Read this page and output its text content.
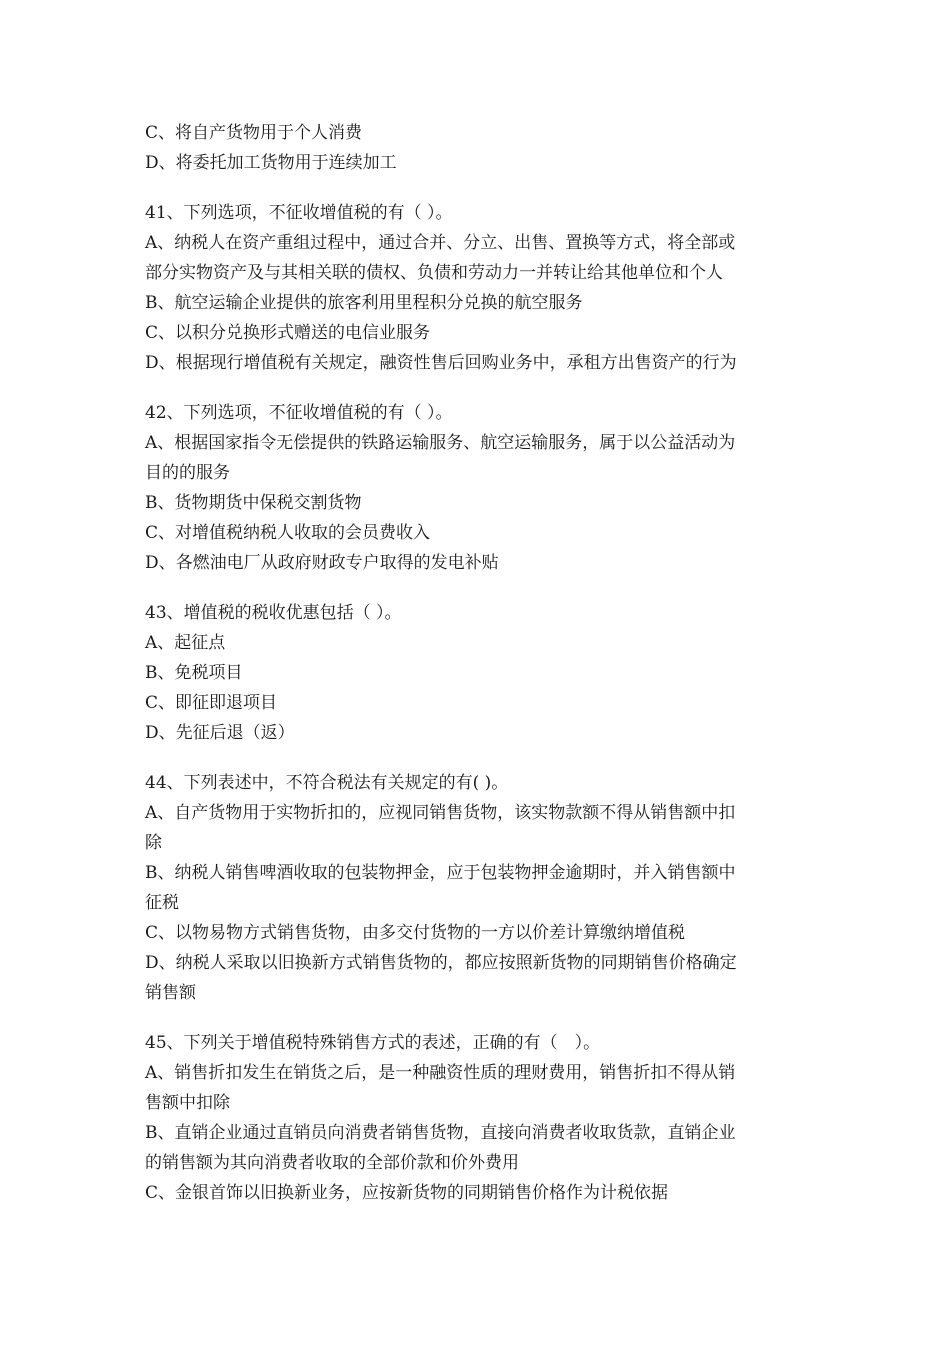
C、将自产货物用于个人消费

D、将委托加工货物用于连续加工

41、下列选项，不征收增值税的有（ ）。

A、纳税人在资产重组过程中，通过合并、分立、出售、置换等方式，将全部或

部分实物资产及与其相关联的债权、负债和劳动力一并转让给其他单位和个人

B、航空运输企业提供的旅客利用里程积分兑换的航空服务

C、以积分兑换形式赠送的电信业服务

D、根据现行增值税有关规定，融资性售后回购业务中，承租方出售资产的行为

42、下列选项，不征收增值税的有（ ）。

A、根据国家指令无偿提供的铁路运输服务、航空运输服务，属于以公益活动为

目的的服务

B、货物期货中保税交割货物

C、对增值税纳税人收取的会员费收入

D、各燃油电厂从政府财政专户取得的发电补贴

43、增值税的税收优惠包括（ ）。

A、起征点

B、免税项目

C、即征即退项目

D、先征后退（返）

44、下列表述中，不符合税法有关规定的有( )。

A、自产货物用于实物折扣的，应视同销售货物，该实物款额不得从销售额中扣

除

B、纳税人销售啤酒收取的包装物押金，应于包装物押金逾期时，并入销售额中

征税

C、以物易物方式销售货物，由多交付货物的一方以价差计算缴纳增值税

D、纳税人采取以旧换新方式销售货物的，都应按照新货物的同期销售价格确定

销售额

45、下列关于增值税特殊销售方式的表述，正确的有（　）。

A、销售折扣发生在销货之后，是一种融资性质的理财费用，销售折扣不得从销

售额中扣除

B、直销企业通过直销员向消费者销售货物，直接向消费者收取货款，直销企业

的销售额为其向消费者收取的全部价款和价外费用

C、金银首饰以旧换新业务，应按新货物的同期销售价格作为计税依据
